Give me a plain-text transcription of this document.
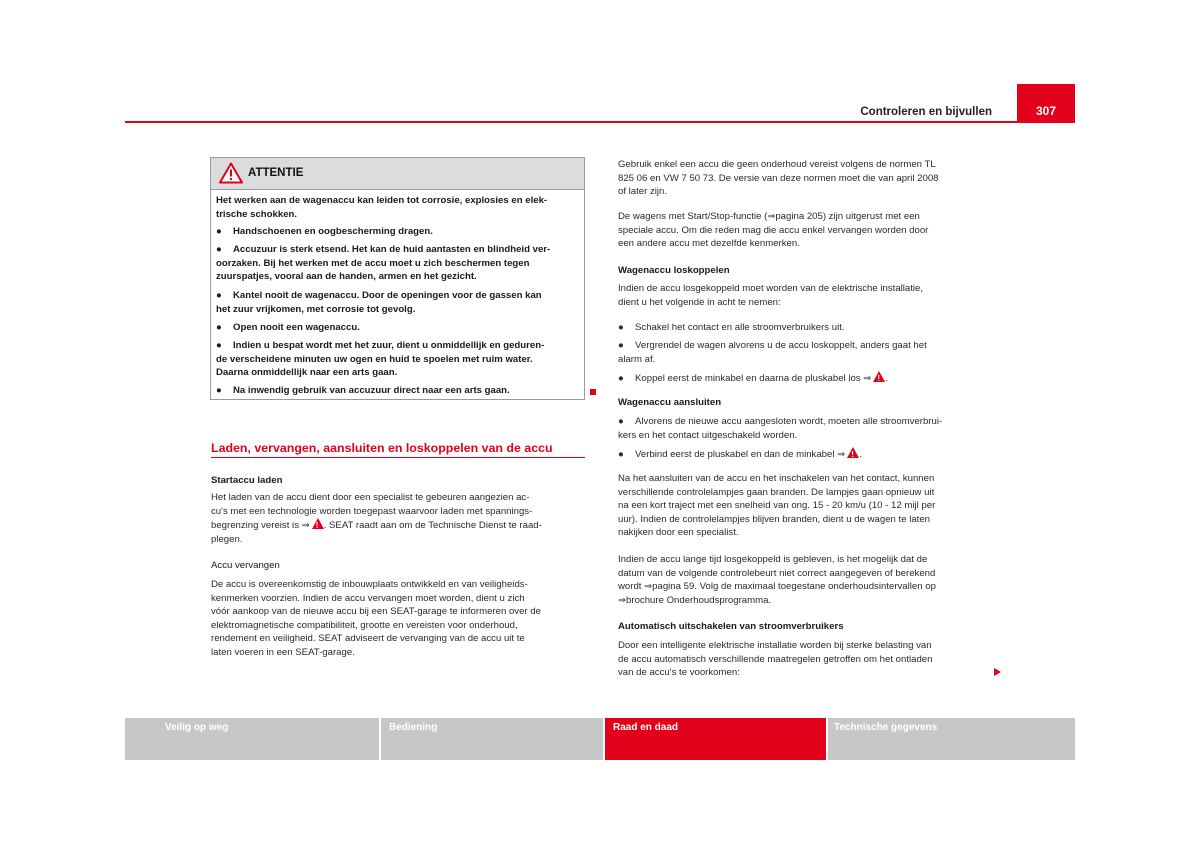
307
Controleren en bijvullen
ATTENTIE
Het werken aan de wagenaccu kan leiden tot corrosie, explosies en elek-
trische schokken.
● Handschoenen en oogbescherming dragen.
● Accuzuur is sterk etsend. Het kan de huid aantasten en blindheid ver-
oorzaken. Bij het werken met de accu moet u zich beschermen tegen
zuurspatjes, vooral aan de handen, armen en het gezicht.
● Kantel nooit de wagenaccu. Door de openingen voor de gassen kan
het zuur vrijkomen, met corrosie tot gevolg.
● Open nooit een wagenaccu.
● Indien u bespat wordt met het zuur, dient u onmiddellijk en geduren-
de verscheidene minuten uw ogen en huid te spoelen met ruim water.
Daarna onmiddellijk naar een arts gaan.
● Na inwendig gebruik van accuzuur direct naar een arts gaan.
Laden, vervangen, aansluiten en loskoppelen van de accu
Startaccu laden
Het laden van de accu dient door een specialist te gebeuren aangezien ac-
cu's met een technologie worden toegepast waarvoor laden met spannings-
begrenzing vereist is ⇒ ! . SEAT raadt aan om de Technische Dienst te raad-
plegen.
Accu vervangen
De accu is overeenkomstig de inbouwplaats ontwikkeld en van veiligheids-
kenmerken voorzien. Indien de accu vervangen moet worden, dient u zich
vóór aankoop van de nieuwe accu bij een SEAT-garage te informeren over de
elektromagnetische compatibiliteit, grootte en vereisten voor onderhoud,
rendement en veiligheid. SEAT adviseert de vervanging van de accu uit te
laten voeren in een SEAT-garage.
Gebruik enkel een accu die geen onderhoud vereist volgens de normen TL
825 06 en VW 7 50 73. De versie van deze normen moet die van april 2008
of later zijn.
De wagens met Start/Stop-functie (⇒pagina 205) zijn uitgerust met een
speciale accu. Om die reden mag die accu enkel vervangen worden door
een andere accu met dezelfde kenmerken.
Wagenaccu loskoppelen
Indien de accu losgekoppeld moet worden van de elektrische installatie,
dient u het volgende in acht te nemen:
● Schakel het contact en alle stroomverbruikers uit.
● Vergrendel de wagen alvorens u de accu loskoppelt, anders gaat het
alarm af.
● Koppel eerst de minkabel en daarna de pluskabel los ⇒ ! .
Wagenaccu aansluiten
● Alvorens de nieuwe accu aangesloten wordt, moeten alle stroomverbrui-
kers en het contact uitgeschakeld worden.
● Verbind eerst de pluskabel en dan de minkabel ⇒ ! .
Na het aansluiten van de accu en het inschakelen van het contact, kunnen
verschillende controlelampjes gaan branden. De lampjes gaan opnieuw uit
na een kort traject met een snelheid van ong. 15 - 20 km/u (10 - 12 mijl per
uur). Indien de controlelampjes blijven branden, dient u de wagen te laten
nakijken door een specialist.
Indien de accu lange tijd losgekoppeld is gebleven, is het mogelijk dat de
datum van de volgende controlebeurt niet correct aangegeven of berekend
wordt ⇒pagina 59. Volg de maximaal toegestane onderhoudsintervallen op
⇒brochure Onderhoudsprogramma.
Automatisch uitschakelen van stroomverbruikers
Door een intelligente elektrische installatie worden bij sterke belasting van
de accu automatisch verschillende maatregelen getroffen om het ontladen
van de accu's te voorkomen:
Veilig op weg	Bediening	Raad en daad	Technische gegevens
